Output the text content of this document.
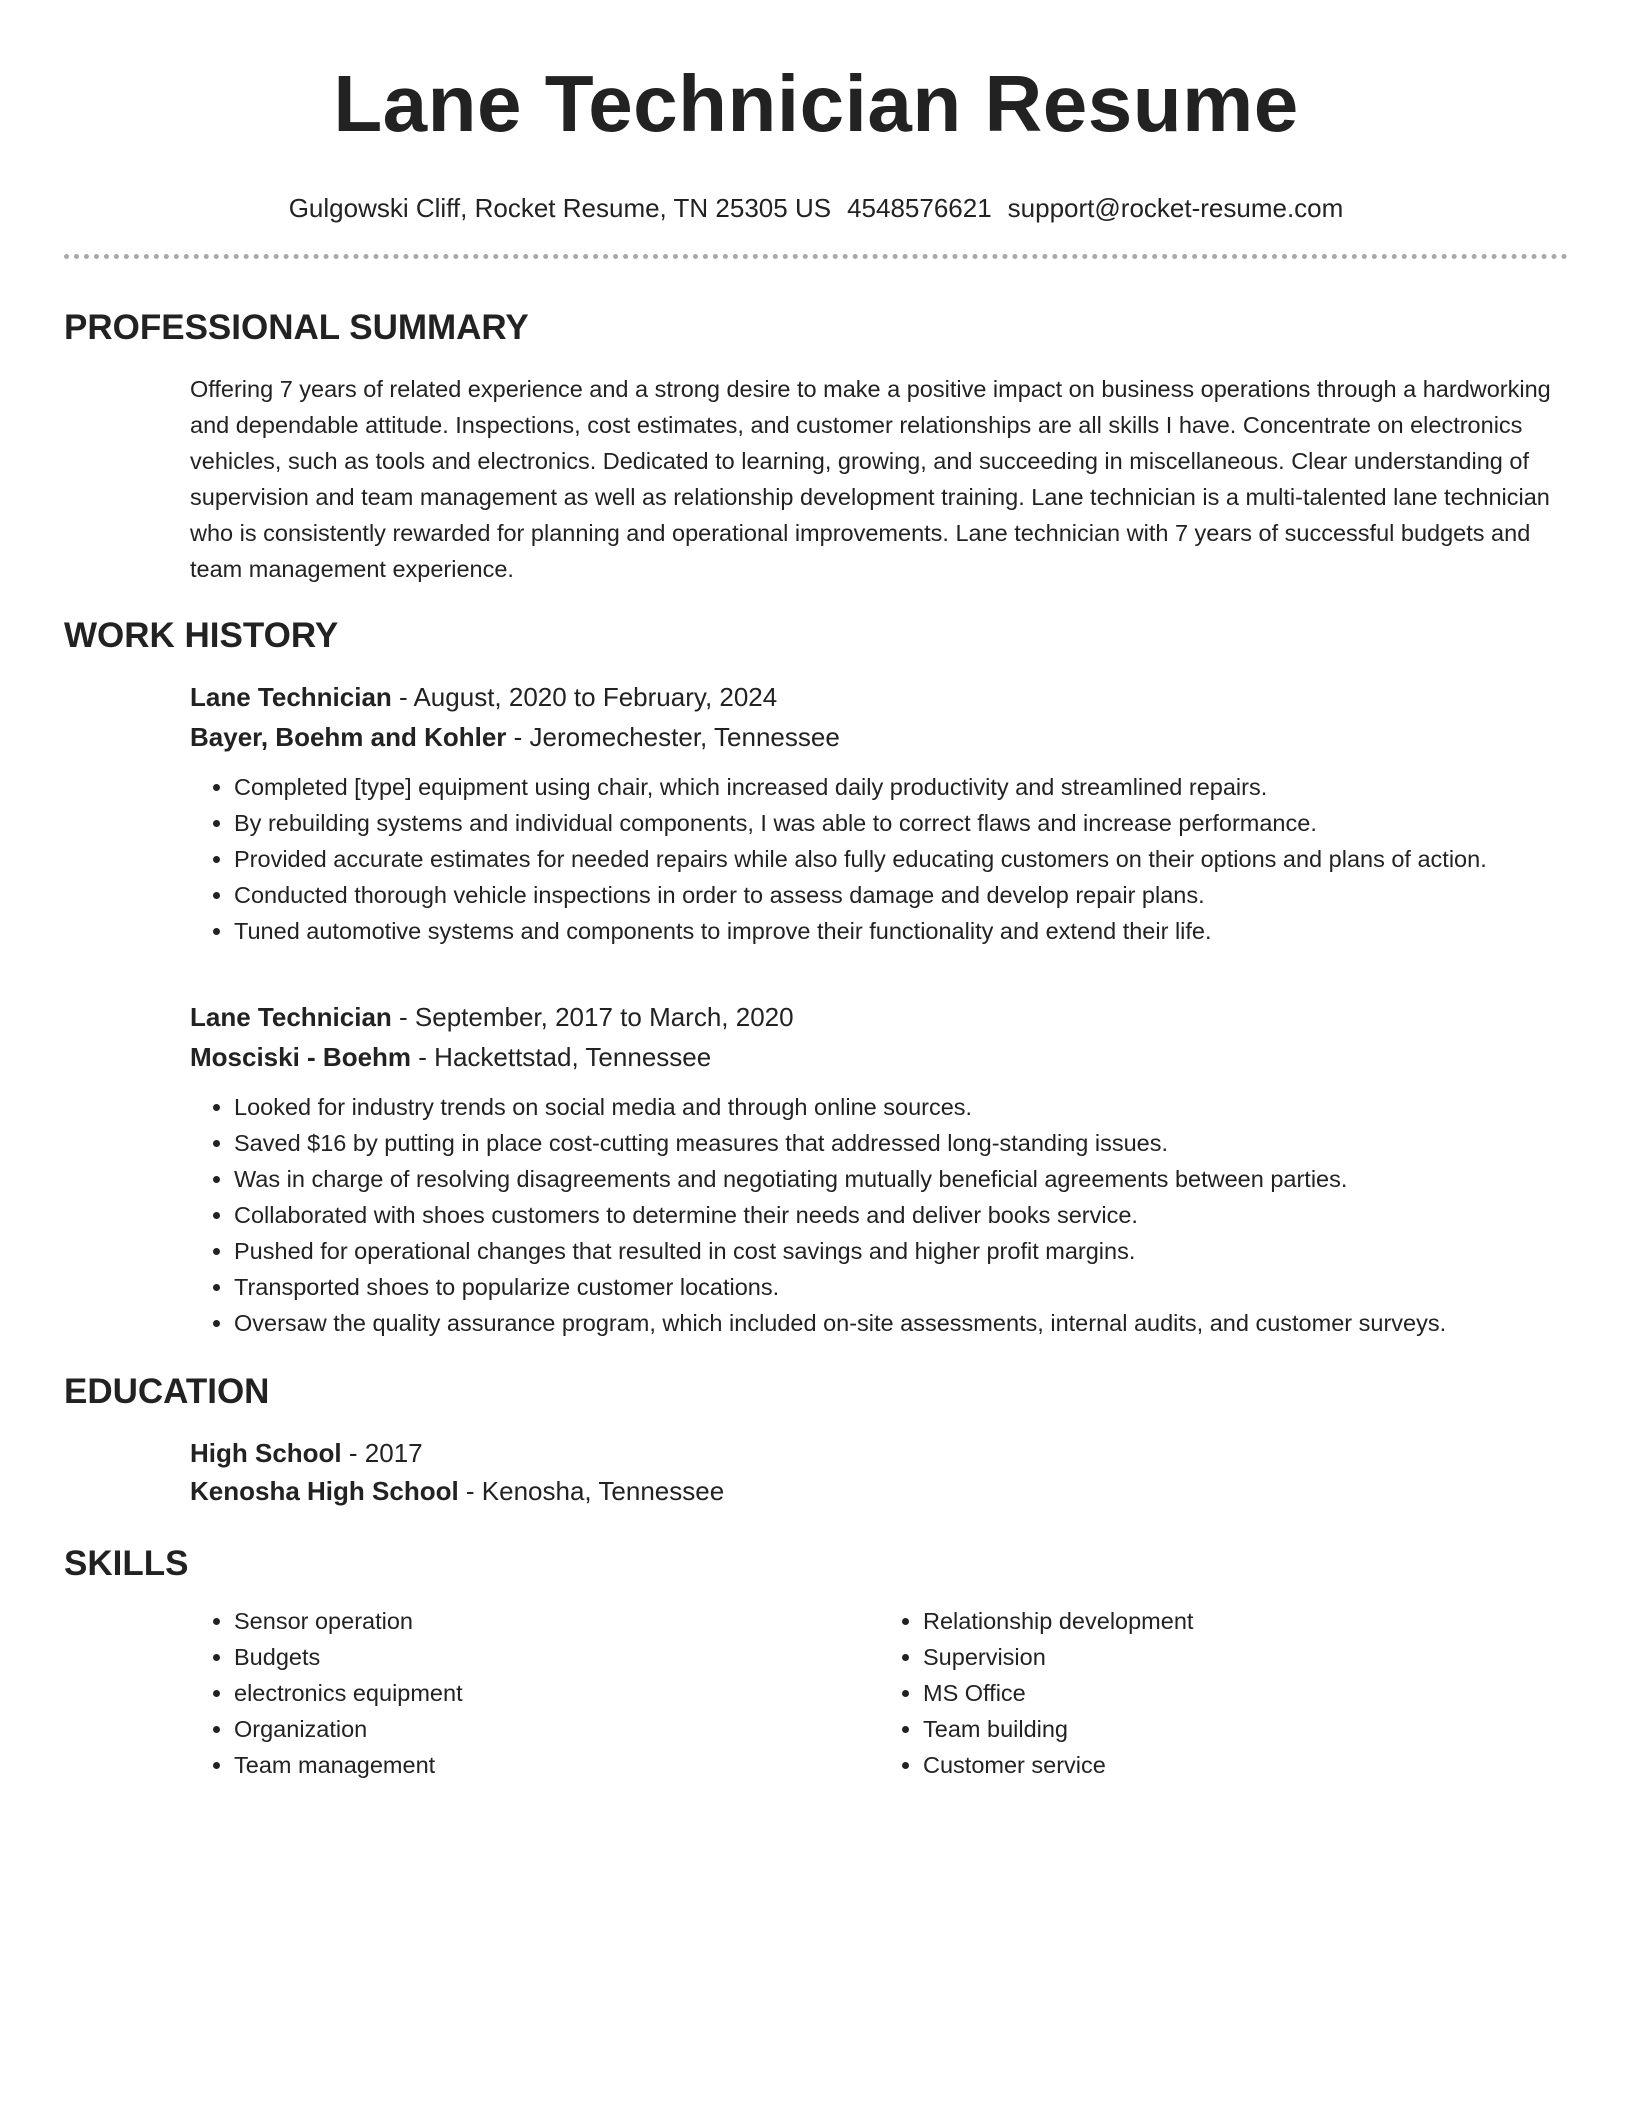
Lane Technician Resume
Gulgowski Cliff, Rocket Resume, TN 25305 US 4548576621 support@rocket-resume.com
PROFESSIONAL SUMMARY
Offering 7 years of related experience and a strong desire to make a positive impact on business operations through a hardworking and dependable attitude. Inspections, cost estimates, and customer relationships are all skills I have. Concentrate on electronics vehicles, such as tools and electronics. Dedicated to learning, growing, and succeeding in miscellaneous. Clear understanding of supervision and team management as well as relationship development training. Lane technician is a multi-talented lane technician who is consistently rewarded for planning and operational improvements. Lane technician with 7 years of successful budgets and team management experience.
WORK HISTORY
Lane Technician - August, 2020 to February, 2024
Bayer, Boehm and Kohler - Jeromechester, Tennessee
• Completed [type] equipment using chair, which increased daily productivity and streamlined repairs.
• By rebuilding systems and individual components, I was able to correct flaws and increase performance.
• Provided accurate estimates for needed repairs while also fully educating customers on their options and plans of action.
• Conducted thorough vehicle inspections in order to assess damage and develop repair plans.
• Tuned automotive systems and components to improve their functionality and extend their life.
Lane Technician - September, 2017 to March, 2020
Mosciski - Boehm - Hackettstad, Tennessee
• Looked for industry trends on social media and through online sources.
• Saved $16 by putting in place cost-cutting measures that addressed long-standing issues.
• Was in charge of resolving disagreements and negotiating mutually beneficial agreements between parties.
• Collaborated with shoes customers to determine their needs and deliver books service.
• Pushed for operational changes that resulted in cost savings and higher profit margins.
• Transported shoes to popularize customer locations.
• Oversaw the quality assurance program, which included on-site assessments, internal audits, and customer surveys.
EDUCATION
High School - 2017
Kenosha High School - Kenosha, Tennessee
SKILLS
• Sensor operation
• Budgets
• electronics equipment
• Organization
• Team management
• Relationship development
• Supervision
• MS Office
• Team building
• Customer service
